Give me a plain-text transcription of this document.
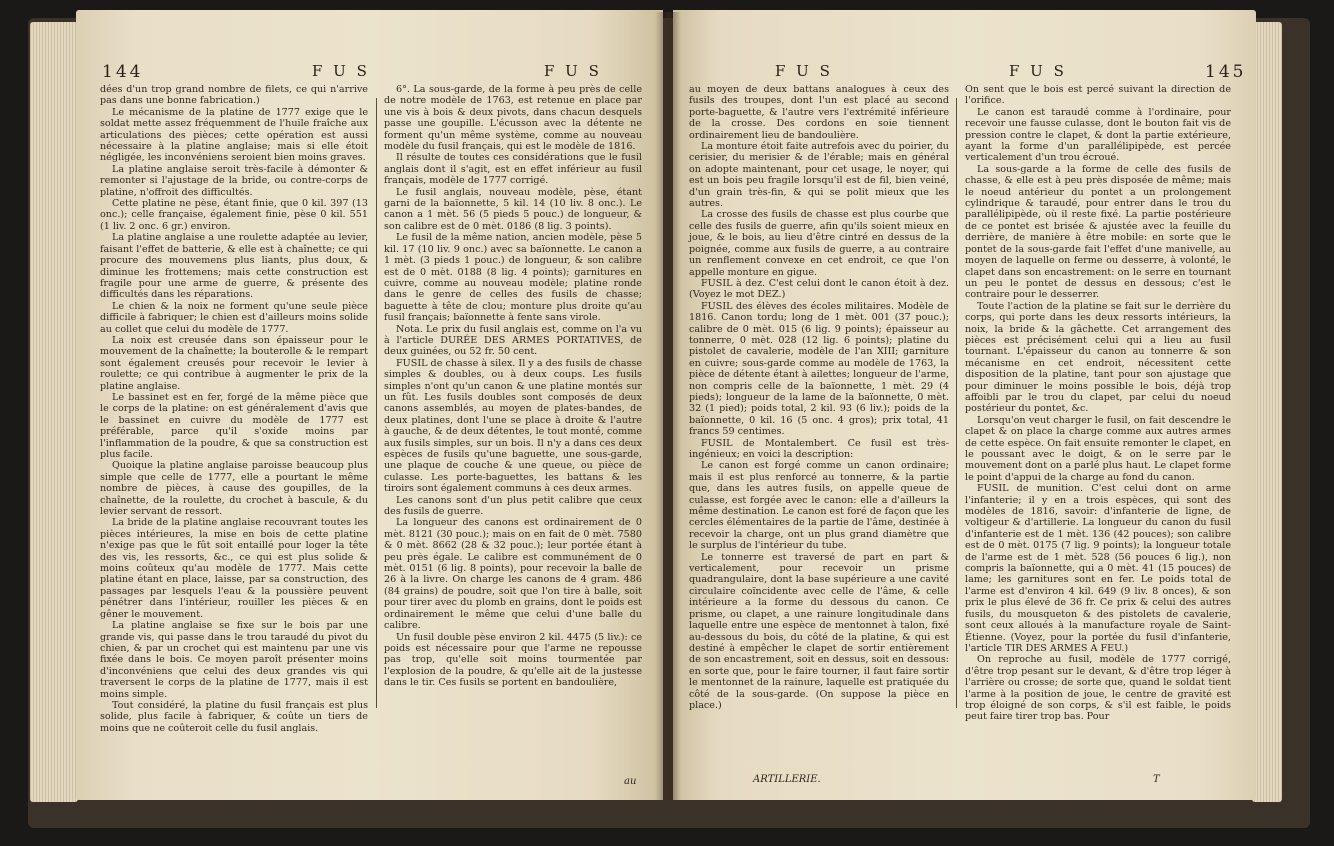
144	F U S	F U S

dées d'un trop grand nombre de filets, ce qui n'arrive pas dans une bonne fabrication.)

Le mécanisme de la platine de 1777 exige que le soldat mette assez fréquemment de l'huile fraîche aux articulations des pièces; cette opération est aussi nécessaire à la platine anglaise; mais si elle étoit négligée, les inconvéniens seroient bien moins graves.

La platine anglaise seroit très-facile à démonter & remonter si l'ajustage de la bride, ou contre-corps de platine, n'offroit des difficultés.

Cette platine ne pèse, étant finie, que 0 kil. 397 (13 onc.); celle française, également finie, pèse 0 kil. 551 (1 liv. 2 onc. 6 gr.) environ.

La platine anglaise a une roulette adaptée au levier, faisant l'effet de batterie, & elle est à chaînette; ce qui procure des mouvemens plus liants, plus doux, & diminue les frottemens; mais cette construction est fragile pour une arme de guerre, & présente des difficultés dans les réparations.

Le chien & la noix ne forment qu'une seule pièce difficile à fabriquer; le chien est d'ailleurs moins solide au collet que celui du modèle de 1777.

La noix est creusée dans son épaisseur pour le mouvement de la chaînette; la bouterolle & le rempart sont également creusés pour recevoir le levier à roulette; ce qui contribue à augmenter le prix de la platine anglaise.

Le bassinet est en fer, forgé de la même pièce que le corps de la platine: on est généralement d'avis que le bassinet en cuivre du modèle de 1777 est préférable, parce qu'il s'oxide moins par l'inflammation de la poudre, & que sa construction est plus facile.

Quoique la platine anglaise paroisse beaucoup plus simple que celle de 1777, elle a pourtant le même nombre de pièces, à cause des goupilles, de la chaînette, de la roulette, du crochet à bascule, & du levier servant de ressort.

La bride de la platine anglaise recouvrant toutes les pièces intérieures, la mise en bois de cette platine n'exige pas que le fût soit entaillé pour loger la tête des vis, les ressorts, &c., ce qui est plus solide & moins coûteux qu'au modèle de 1777. Mais cette platine étant en place, laisse, par sa construction, des passages par lesquels l'eau & la poussière peuvent pénétrer dans l'intérieur, rouiller les pièces & en gêner le mouvement.

La platine anglaise se fixe sur le bois par une grande vis, qui passe dans le trou taraudé du pivot du chien, & par un crochet qui est maintenu par une vis fixée dans le bois. Ce moyen paroît présenter moins d'inconvéniens que celui des deux grandes vis qui traversent le corps de la platine de 1777, mais il est moins simple.

Tout considéré, la platine du fusil français est plus solide, plus facile à fabriquer, & coûte un tiers de moins que ne coûteroit celle du fusil anglais.

6°. La sous-garde, de la forme à peu près de celle de notre modèle de 1763, est retenue en place par une vis à bois & deux pivots, dans chacun desquels passe une goupille. L'écusson avec la détente ne forment qu'un même système, comme au nouveau modèle du fusil français, qui est le modèle de 1816.

Il résulte de toutes ces considérations que le fusil anglais dont il s'agit, est en effet inférieur au fusil français, modèle de 1777 corrigé.

Le fusil anglais, nouveau modèle, pèse, étant garni de la baïonnette, 5 kil. 14 (10 liv. 8 onc.). Le canon a 1 mèt. 56 (5 pieds 5 pouc.) de longueur, & son calibre est de 0 mèt. 0186 (8 lig. 3 points).

Le fusil de la même nation, ancien modèle, pèse 5 kil. 17 (10 liv. 9 onc.) avec sa baïonnette. Le canon a 1 mèt. (3 pieds 1 pouc.) de longueur, & son calibre est de 0 mèt. 0188 (8 lig. 4 points); garnitures en cuivre, comme au nouveau modèle; platine ronde dans le genre de celles des fusils de chasse; baguette à tête de clou; monture plus droite qu'au fusil français; baïonnette à fente sans virole.

Nota. Le prix du fusil anglais est, comme on l'a vu à l'article DURÉE DES ARMES PORTATIVES, de deux guinées, ou 52 fr. 50 cent.

FUSIL de chasse à silex. Il y a des fusils de chasse simples & doubles, ou à deux coups. Les fusils simples n'ont qu'un canon & une platine montés sur un fût. Les fusils doubles sont composés de deux canons assemblés, au moyen de plates-bandes, de deux platines, dont l'une se place à droite & l'autre à gauche, & de deux détentes, le tout monté, comme aux fusils simples, sur un bois. Il n'y a dans ces deux espèces de fusils qu'une baguette, une sous-garde, une plaque de couche & une queue, ou pièce de culasse. Les porte-baguettes, les battans & les tiroirs sont également communs à ces deux armes.

Les canons sont d'un plus petit calibre que ceux des fusils de guerre.

La longueur des canons est ordinairement de 0 mèt. 8121 (30 pouc.); mais on en fait de 0 mèt. 7580 & 0 mèt. 8662 (28 & 32 pouc.); leur portée étant à peu près égale. Le calibre est communément de 0 mèt. 0151 (6 lig. 8 points), pour recevoir la balle de 26 à la livre. On charge les canons de 4 gram. 486 (84 grains) de poudre, soit que l'on tire à balle, soit pour tirer avec du plomb en grains, dont le poids est ordinairement le même que celui d'une balle du calibre.

Un fusil double pèse environ 2 kil. 4475 (5 liv.): ce poids est nécessaire pour que l'arme ne repousse pas trop, qu'elle soit moins tourmentée par l'explosion de la poudre, & qu'elle ait de la justesse dans le tir. Ces fusils se portent en bandoulière,

au
F U S	F U S	145

au moyen de deux battans analogues à ceux des fusils des troupes, dont l'un est placé au second porte-baguette, & l'autre vers l'extrémité inférieure de la crosse. Des cordons en soie tiennent ordinairement lieu de bandoulière.

La monture étoit faite autrefois avec du poirier, du cerisier, du merisier & de l'érable; mais en général on adopte maintenant, pour cet usage, le noyer, qui est un bois peu fragile lorsqu'il est de fil, bien veiné, d'un grain très-fin, & qui se polit mieux que les autres.

La crosse des fusils de chasse est plus courbe que celle des fusils de guerre, afin qu'ils soient mieux en joue, & le bois, au lieu d'être cintré en dessus de la poignée, comme aux fusils de guerre, a au contraire un renflement convexe en cet endroit, ce que l'on appelle monture en gigue.

FUSIL à dez. C'est celui dont le canon étoit à dez. (Voyez le mot DEZ.)

FUSIL des élèves des écoles militaires. Modèle de 1816. Canon tordu; long de 1 mèt. 001 (37 pouc.); calibre de 0 mèt. 015 (6 lig. 9 points); épaisseur au tonnerre, 0 mèt. 028 (12 lig. 6 points); platine du pistolet de cavalerie, modèle de l'an XIII; garniture en cuivre; sous-garde comme au modèle de 1763, la pièce de détente étant à ailettes; longueur de l'arme, non compris celle de la baïonnette, 1 mèt. 29 (4 pieds); longueur de la lame de la baïonnette, 0 mèt. 32 (1 pied); poids total, 2 kil. 93 (6 liv.); poids de la baïonnette, 0 kil. 16 (5 onc. 4 gros); prix total, 41 francs 59 centimes.

FUSIL de Montalembert. Ce fusil est très-ingénieux; en voici la description:

Le canon est forgé comme un canon ordinaire; mais il est plus renforcé au tonnerre, & la partie que, dans les autres fusils, on appelle queue de culasse, est forgée avec le canon: elle a d'ailleurs la même destination. Le canon est foré de façon que les cercles élémentaires de la partie de l'âme, destinée à recevoir la charge, ont un plus grand diamètre que le surplus de l'intérieur du tube.

Le tonnerre est traversé de part en part & verticalement, pour recevoir un prisme quadrangulaire, dont la base supérieure a une cavité circulaire coïncidente avec celle de l'âme, & celle intérieure a la forme du dessous du canon. Ce prisme, ou clapet, a une rainure longitudinale dans laquelle entre une espèce de mentonnet à talon, fixé au-dessous du bois, du côté de la platine, & qui est destiné à empêcher le clapet de sortir entièrement de son encastrement, soit en dessus, soit en dessous: en sorte que, pour le faire tourner, il faut faire sortir le mentonnet de la rainure, laquelle est pratiquée du côté de la sous-garde. (On suppose la pièce en place.)

On sent que le bois est percé suivant la direction de l'orifice.

Le canon est taraudé comme à l'ordinaire, pour recevoir une fausse culasse, dont le bouton fait vis de pression contre le clapet, & dont la partie extérieure, ayant la forme d'un parallélipipède, est percée verticalement d'un trou écroué.

La sous-garde a la forme de celle des fusils de chasse, & elle est à peu près disposée de même; mais le noeud antérieur du pontet a un prolongement cylindrique & taraudé, pour entrer dans le trou du parallélipipède, où il reste fixé. La partie postérieure de ce pontet est brisée & ajustée avec la feuille du derrière, de manière à être mobile: en sorte que le pontet de la sous-garde fait l'effet d'une manivelle, au moyen de laquelle on ferme ou desserre, à volonté, le clapet dans son encastrement: on le serre en tournant un peu le pontet de dessus en dessous; c'est le contraire pour le desserrer.

Toute l'action de la platine se fait sur le derrière du corps, qui porte dans les deux ressorts intérieurs, la noix, la bride & la gâchette. Cet arrangement des pièces est précisément celui qui a lieu au fusil tournant. L'épaisseur du canon au tonnerre & son mécanisme en cet endroit, nécessitent cette disposition de la platine, tant pour son ajustage que pour diminuer le moins possible le bois, déjà trop affoibli par le trou du clapet, par celui du noeud postérieur du pontet, &c.

Lorsqu'on veut charger le fusil, on fait descendre le clapet & on place la charge comme aux autres armes de cette espèce. On fait ensuite remonter le clapet, en le poussant avec le doigt, & on le serre par le mouvement dont on a parlé plus haut. Le clapet forme le point d'appui de la charge au fond du canon.

FUSIL de munition. C'est celui dont on arme l'infanterie; il y en a trois espèces, qui sont des modèles de 1816, savoir: d'infanterie de ligne, de voltigeur & d'artillerie. La longueur du canon du fusil d'infanterie est de 1 mèt. 136 (42 pouces); son calibre est de 0 mèt. 0175 (7 lig. 9 points); la longueur totale de l'arme est de 1 mèt. 528 (56 pouces 6 lig.), non compris la baïonnette, qui a 0 mèt. 41 (15 pouces) de lame; les garnitures sont en fer. Le poids total de l'arme est d'environ 4 kil. 649 (9 liv. 8 onces), & son prix le plus élevé de 36 fr. Ce prix & celui des autres fusils, du mousqueton & des pistolets de cavalerie, sont ceux alloués à la manufacture royale de Saint-Étienne. (Voyez, pour la portée du fusil d'infanterie, l'article TIR DES ARMES A FEU.)

On reproche au fusil, modèle de 1777 corrigé, d'être trop pesant sur le devant, & d'être trop léger à l'arrière ou crosse; de sorte que, quand le soldat tient l'arme à la position de joue, le centre de gravité est trop éloigné de son corps, & s'il est faible, le poids peut faire tirer trop bas. Pour

ARTILLERIE.	T
